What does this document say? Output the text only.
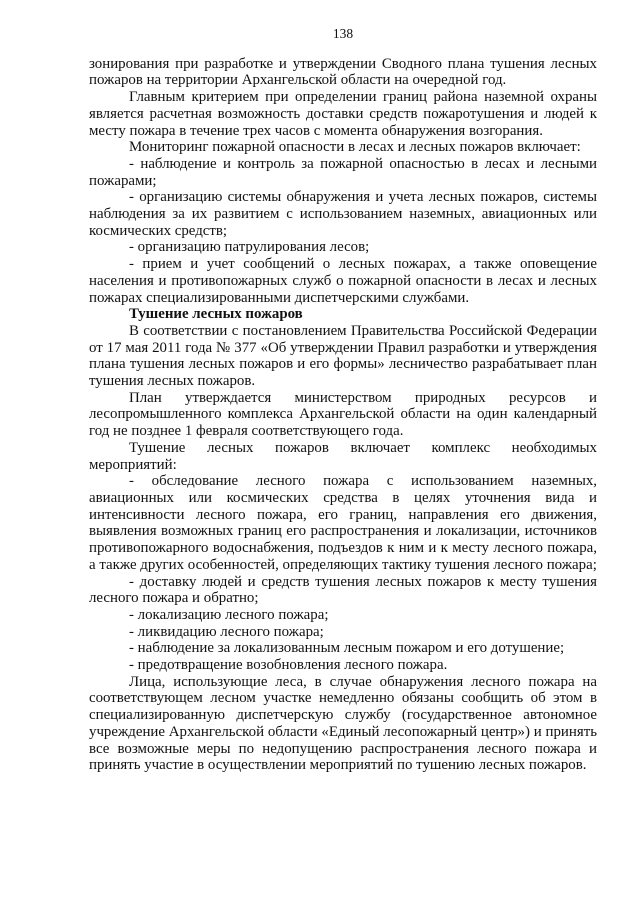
138

зонирования при разработке и утверждении Сводного плана тушения лесных пожаров на территории Архангельской области на очередной год.

Главным критерием при определении границ района наземной охраны является расчетная возможность доставки средств пожаротушения и людей к месту пожара в течение трех часов с момента обнаружения возгорания.

Мониторинг пожарной опасности в лесах и лесных пожаров включает:

- наблюдение и контроль за пожарной опасностью в лесах и лесными пожарами;

- организацию системы обнаружения и учета лесных пожаров, системы наблюдения за их развитием с использованием наземных, авиационных или космических средств;

- организацию патрулирования лесов;

- прием и учет сообщений о лесных пожарах, а также оповещение населения и противопожарных служб о пожарной опасности в лесах и лесных пожарах специализированными диспетчерскими службами.

Тушение лесных пожаров

В соответствии с постановлением Правительства Российской Федерации от 17 мая 2011 года № 377 «Об утверждении Правил разработки и утверждения плана тушения лесных пожаров и его формы» лесничество разрабатывает план тушения лесных пожаров.

План утверждается министерством природных ресурсов и лесопромышленного комплекса Архангельской области на один календарный год не позднее 1 февраля соответствующего года.

Тушение лесных пожаров включает комплекс необходимых мероприятий:

- обследование лесного пожара с использованием наземных, авиационных или космических средства в целях уточнения вида и интенсивности лесного пожара, его границ, направления его движения, выявления возможных границ его распространения и локализации, источников противопожарного водоснабжения, подъездов к ним и к месту лесного пожара, а также других особенностей, определяющих тактику тушения лесного пожара;

- доставку людей и средств тушения лесных пожаров к месту тушения лесного пожара и обратно;

- локализацию лесного пожара;

- ликвидацию лесного пожара;

- наблюдение за локализованным лесным пожаром и его дотушение;

- предотвращение возобновления лесного пожара.

Лица, использующие леса, в случае обнаружения лесного пожара на соответствующем лесном участке немедленно обязаны сообщить об этом в специализированную диспетчерскую службу (государственное автономное учреждение Архангельской области «Единый лесопожарный центр») и принять все возможные меры по недопущению распространения лесного пожара и принять участие в осуществлении мероприятий по тушению лесных пожаров.
